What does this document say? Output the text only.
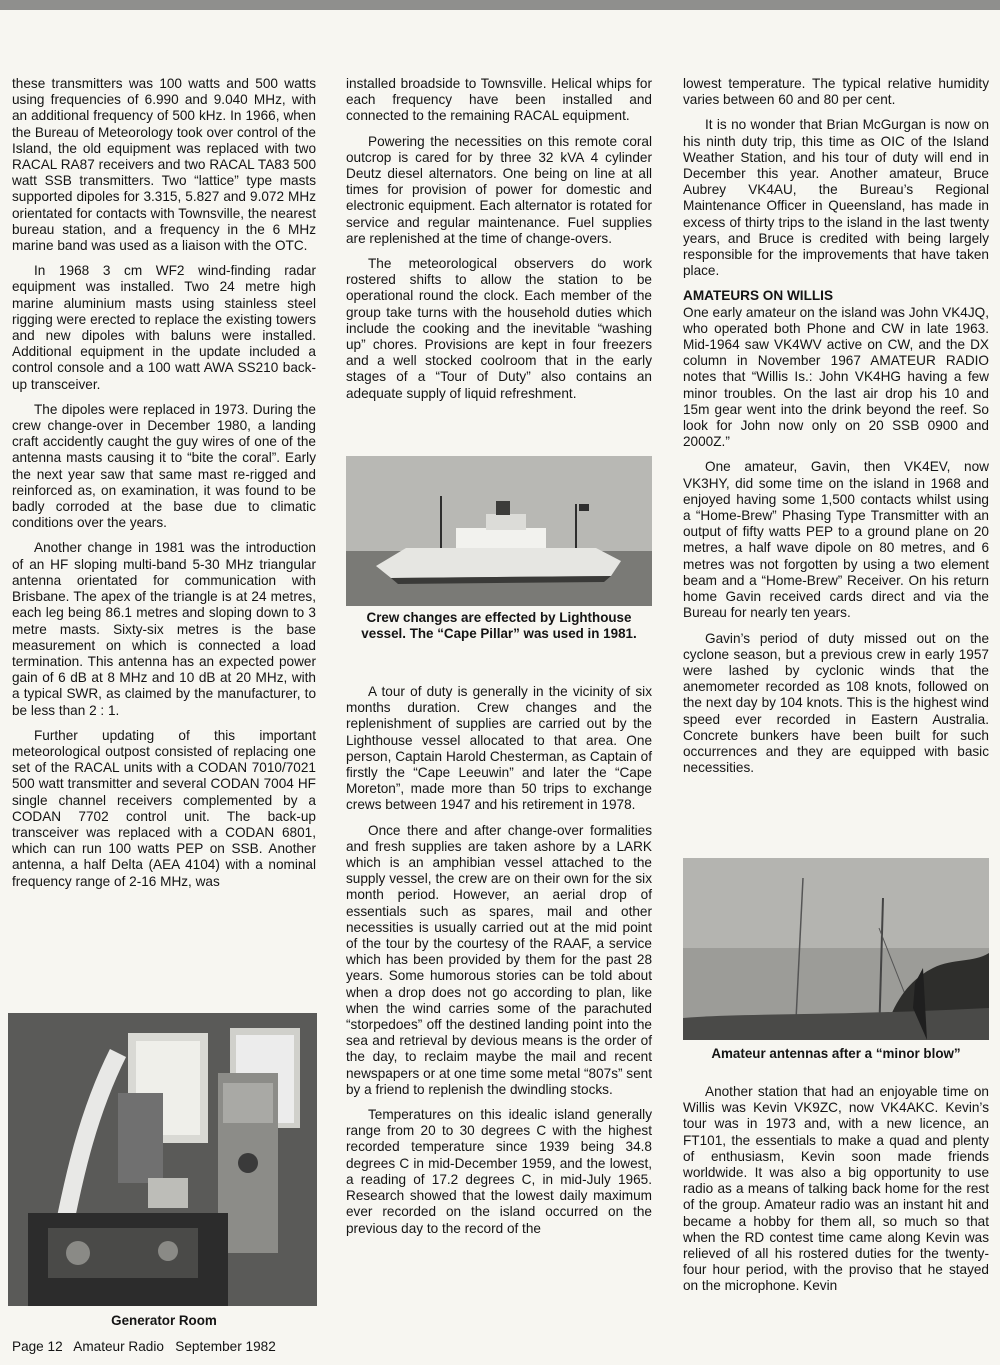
these transmitters was 100 watts and 500 watts using frequencies of 6.990 and 9.040 MHz, with an additional frequency of 500 kHz. In 1966, when the Bureau of Meteorology took over control of the Island, the old equipment was replaced with two RACAL RA87 receivers and two RACAL TA83 500 watt SSB transmitters. Two “lattice” type masts supported dipoles for 3.315, 5.827 and 9.072 MHz orientated for contacts with Townsville, the nearest bureau station, and a frequency in the 6 MHz marine band was used as a liaison with the OTC.

In 1968 3 cm WF2 wind-finding radar equipment was installed. Two 24 metre high marine aluminium masts using stainless steel rigging were erected to replace the existing towers and new dipoles with baluns were installed. Additional equipment in the update included a control console and a 100 watt AWA SS210 back-up transceiver.

The dipoles were replaced in 1973. During the crew change-over in December 1980, a landing craft accidently caught the guy wires of one of the antenna masts causing it to “bite the coral”. Early the next year saw that same mast re-rigged and reinforced as, on examination, it was found to be badly corroded at the base due to climatic conditions over the years.

Another change in 1981 was the introduction of an HF sloping multi-band 5-30 MHz triangular antenna orientated for communication with Brisbane. The apex of the triangle is at 24 metres, each leg being 86.1 metres and sloping down to 3 metre masts. Sixty-six metres is the base measurement on which is connected a load termination. This antenna has an expected power gain of 6 dB at 8 MHz and 10 dB at 20 MHz, with a typical SWR, as claimed by the manufacturer, to be less than 2 : 1.

Further updating of this important meteorological outpost consisted of replacing one set of the RACAL units with a CODAN 7010/7021 500 watt transmitter and several CODAN 7004 HF single channel receivers complemented by a CODAN 7702 control unit. The back-up transceiver was replaced with a CODAN 6801, which can run 100 watts PEP on SSB. Another antenna, a half Delta (AEA 4104) with a nominal frequency range of 2-16 MHz, was

Generator Room

installed broadside to Townsville. Helical whips for each frequency have been installed and connected to the remaining RACAL equipment.

Powering the necessities on this remote coral outcrop is cared for by three 32 kVA 4 cylinder Deutz diesel alternators. One being on line at all times for provision of power for domestic and electronic equipment. Each alternator is rotated for service and regular maintenance. Fuel supplies are replenished at the time of change-overs.

The meteorological observers do work rostered shifts to allow the station to be operational round the clock. Each member of the group take turns with the household duties which include the cooking and the inevitable “washing up” chores. Provisions are kept in four freezers and a well stocked coolroom that in the early stages of a “Tour of Duty” also contains an adequate supply of liquid refreshment.

Crew changes are effected by Lighthouse vessel. The “Cape Pillar” was used in 1981.

A tour of duty is generally in the vicinity of six months duration. Crew changes and the replenishment of supplies are carried out by the Lighthouse vessel allocated to that area. One person, Captain Harold Chesterman, as Captain of firstly the “Cape Leeuwin” and later the “Cape Moreton”, made more than 50 trips to exchange crews between 1947 and his retirement in 1978.

Once there and after change-over formalities and fresh supplies are taken ashore by a LARK which is an amphibian vessel attached to the supply vessel, the crew are on their own for the six month period. However, an aerial drop of essentials such as spares, mail and other necessities is usually carried out at the mid point of the tour by the courtesy of the RAAF, a service which has been provided by them for the past 28 years. Some humorous stories can be told about when a drop does not go according to plan, like when the wind carries some of the parachuted “storpedoes” off the destined landing point into the sea and retrieval by devious means is the order of the day, to reclaim maybe the mail and recent newspapers or at one time some metal “807s” sent by a friend to replenish the dwindling stocks.

Temperatures on this idealic island generally range from 20 to 30 degrees C with the highest recorded temperature since 1939 being 34.8 degrees C in mid-December 1959, and the lowest, a reading of 17.2 degrees C, in mid-July 1965. Research showed that the lowest daily maximum ever recorded on the island occurred on the previous day to the record of the

lowest temperature. The typical relative humidity varies between 60 and 80 per cent.

It is no wonder that Brian McGurgan is now on his ninth duty trip, this time as OIC of the Island Weather Station, and his tour of duty will end in December this year. Another amateur, Bruce Aubrey VK4AU, the Bureau’s Regional Maintenance Officer in Queensland, has made in excess of thirty trips to the island in the last twenty years, and Bruce is credited with being largely responsible for the improvements that have taken place.

AMATEURS ON WILLIS

One early amateur on the island was John VK4JQ, who operated both Phone and CW in late 1963. Mid-1964 saw VK4WV active on CW, and the DX column in November 1967 AMATEUR RADIO notes that “Willis Is.: John VK4HG having a few minor troubles. On the last air drop his 10 and 15m gear went into the drink beyond the reef. So look for John now only on 20 SSB 0900 and 2000Z.”

One amateur, Gavin, then VK4EV, now VK3HY, did some time on the island in 1968 and enjoyed having some 1,500 contacts whilst using a “Home-Brew” Phasing Type Transmitter with an output of fifty watts PEP to a ground plane on 20 metres, a half wave dipole on 80 metres, and 6 metres was not forgotten by using a two element beam and a “Home-Brew” Receiver. On his return home Gavin received cards direct and via the Bureau for nearly ten years.

Gavin’s period of duty missed out on the cyclone season, but a previous crew in early 1957 were lashed by cyclonic winds that the anemometer recorded as 108 knots, followed on the next day by 104 knots. This is the highest wind speed ever recorded in Eastern Australia. Concrete bunkers have been built for such occurrences and they are equipped with basic necessities.

Amateur antennas after a “minor blow”

Another station that had an enjoyable time on Willis was Kevin VK9ZC, now VK4AKC. Kevin’s tour was in 1973 and, with a new licence, an FT101, the essentials to make a quad and plenty of enthusiasm, Kevin soon made friends worldwide. It was also a big opportunity to use radio as a means of talking back home for the rest of the group. Amateur radio was an instant hit and became a hobby for them all, so much so that when the RD contest time came along Kevin was relieved of all his rostered duties for the twenty-four hour period, with the proviso that he stayed on the microphone. Kevin

Page 12 Amateur Radio September 1982
